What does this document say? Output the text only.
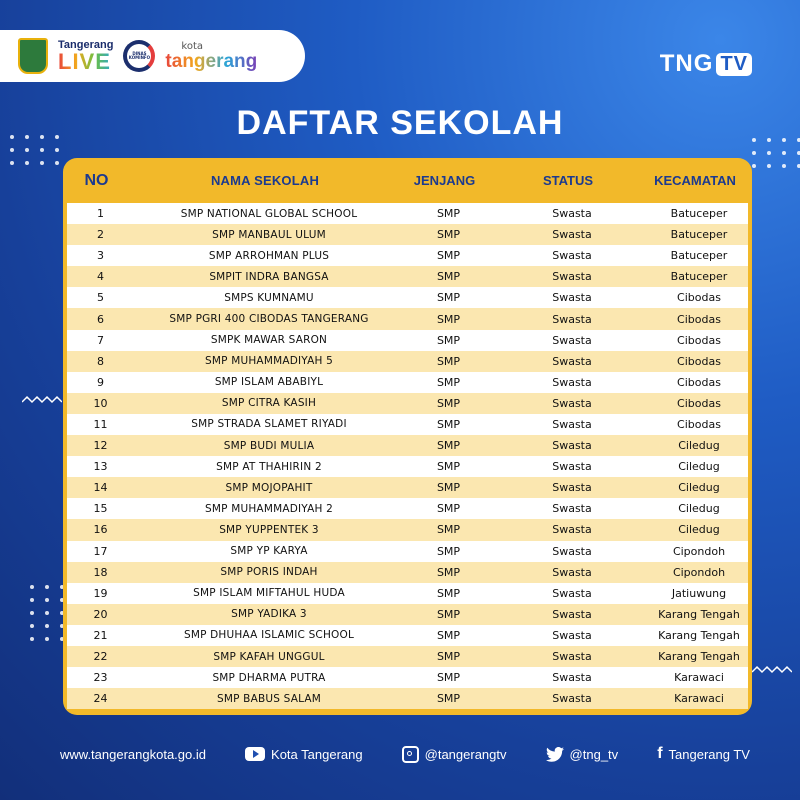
Tangerang
LIVE	DINAS KOMINFO
kota
tangerang	TNG TV
DAFTAR SEKOLAH
NO	NAMA SEKOLAH	JENJANG	STATUS	KECAMATAN
1	SMP NATIONAL GLOBAL SCHOOL	SMP	Swasta	Batuceper
2	SMP MANBAUL ULUM	SMP	Swasta	Batuceper
3	SMP ARROHMAN PLUS	SMP	Swasta	Batuceper
4	SMPIT INDRA BANGSA	SMP	Swasta	Batuceper
5	SMPS KUMNAMU	SMP	Swasta	Cibodas
6	SMP PGRI 400 CIBODAS TANGERANG	SMP	Swasta	Cibodas
7	SMPK MAWAR SARON	SMP	Swasta	Cibodas
8	SMP MUHAMMADIYAH 5	SMP	Swasta	Cibodas
9	SMP ISLAM ABABIYL	SMP	Swasta	Cibodas
10	SMP CITRA KASIH	SMP	Swasta	Cibodas
11	SMP STRADA SLAMET RIYADI	SMP	Swasta	Cibodas
12	SMP BUDI MULIA	SMP	Swasta	Ciledug
13	SMP AT THAHIRIN 2	SMP	Swasta	Ciledug
14	SMP MOJOPAHIT	SMP	Swasta	Ciledug
15	SMP MUHAMMADIYAH 2	SMP	Swasta	Ciledug
16	SMP YUPPENTEK 3	SMP	Swasta	Ciledug
17	SMP YP KARYA	SMP	Swasta	Cipondoh
18	SMP PORIS INDAH	SMP	Swasta	Cipondoh
19	SMP ISLAM MIFTAHUL HUDA	SMP	Swasta	Jatiuwung
20	SMP YADIKA 3	SMP	Swasta	Karang Tengah
21	SMP DHUHAA ISLAMIC SCHOOL	SMP	Swasta	Karang Tengah
22	SMP KAFAH UNGGUL	SMP	Swasta	Karang Tengah
23	SMP DHARMA PUTRA	SMP	Swasta	Karawaci
24	SMP BABUS SALAM	SMP	Swasta	Karawaci
www.tangerangkota.go.id	Kota Tangerang	@tangerangtv	@tng_tv f Tangerang TV
